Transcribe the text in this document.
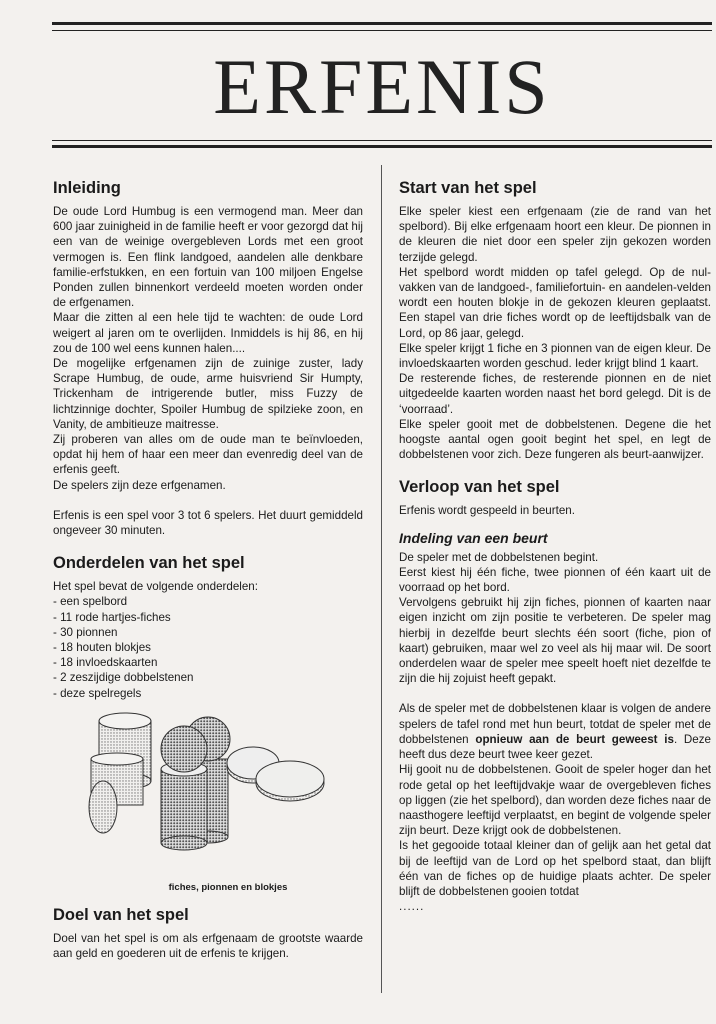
ERFENIS
Inleiding

De oude Lord Humbug is een vermogend man. Meer dan 600 jaar zuinigheid in de familie heeft er voor gezorgd dat hij een van de weinige overgebleven Lords met een groot vermogen is. Een flink landgoed, aandelen alle denkbare familie-erfstukken, en een fortuin van 100 miljoen Engelse Ponden zullen binnenkort verdeeld moeten worden onder de erfgenamen.

Maar die zitten al een hele tijd te wachten: de oude Lord weigert al jaren om te overlijden. Inmiddels is hij 86, en hij zou de 100 wel eens kunnen halen....

De mogelijke erfgenamen zijn de zuinige zuster, lady Scrape Humbug, de oude, arme huisvriend Sir Humpty, Trickenham de intrigerende butler, miss Fuzzy de lichtzinnige dochter, Spoiler Humbug de spilzieke zoon, en Vanity, de ambitieuze maitresse.

Zij proberen van alles om de oude man te beïnvloeden, opdat hij hem of haar een meer dan evenredig deel van de erfenis geeft.

De spelers zijn deze erfgenamen.

Erfenis is een spel voor 3 tot 6 spelers. Het duurt gemiddeld ongeveer 30 minuten.

Onderdelen van het spel

Het spel bevat de volgende onderdelen:

- een spelbord
- 11 rode hartjes-fiches
- 30 pionnen
- 18 houten blokjes
- 18 invloedskaarten
- 2 zeszijdige dobbelstenen
- deze spelregels
fiches, pionnen en blokjes
Doel van het spel

Doel van het spel is om als erfgenaam de grootste waarde aan geld en goederen uit de erfenis te krijgen.

Start van het spel

Elke speler kiest een erfgenaam (zie de rand van het spelbord). Bij elke erfgenaam hoort een kleur. De pionnen in de kleuren die niet door een speler zijn gekozen worden terzijde gelegd.

Het spelbord wordt midden op tafel gelegd. Op de nul-vakken van de landgoed-, familiefortuin- en aandelen-velden wordt een houten blokje in de gekozen kleuren geplaatst. Een stapel van drie fiches wordt op de leeftijdsbalk van de Lord, op 86 jaar, gelegd.

Elke speler krijgt 1 fiche en 3 pionnen van de eigen kleur. De invloedskaarten worden geschud. Ieder krijgt blind 1 kaart.

De resterende fiches, de resterende pionnen en de niet uitgedeelde kaarten worden naast het bord gelegd. Dit is de ‘voorraad’.

Elke speler gooit met de dobbelstenen. Degene die het hoogste aantal ogen gooit begint het spel, en legt de dobbelstenen voor zich. Deze fungeren als beurt-aanwijzer.

Verloop van het spel

Erfenis wordt gespeeld in beurten.

Indeling van een beurt

De speler met de dobbelstenen begint.

Eerst kiest hij één fiche, twee pionnen of één kaart uit de voorraad op het bord.

Vervolgens gebruikt hij zijn fiches, pionnen of kaarten naar eigen inzicht om zijn positie te verbeteren. De speler mag hierbij in dezelfde beurt slechts één soort (fiche, pion of kaart) gebruiken, maar wel zo veel als hij maar wil. De soort onderdelen waar de speler mee speelt hoeft niet dezelfde te zijn die hij zojuist heeft gepakt.

Als de speler met de dobbelstenen klaar is volgen de andere spelers de tafel rond met hun beurt, totdat de speler met de dobbelstenen opnieuw aan de beurt geweest is. Deze heeft dus deze beurt twee keer gezet.

Hij gooit nu de dobbelstenen. Gooit de speler hoger dan het rode getal op het leeftijdvakje waar de overgebleven fiches op liggen (zie het spelbord), dan worden deze fiches naar de naasthogere leeftijd verplaatst, en begint de volgende speler zijn beurt. Deze krijgt ook de dobbelstenen.

Is het gegooide totaal kleiner dan of gelijk aan het getal dat bij de leeftijd van de Lord op het spelbord staat, dan blijft één van de fiches op de huidige plaats achter. De speler blijft de dobbelstenen gooien totdat

......
